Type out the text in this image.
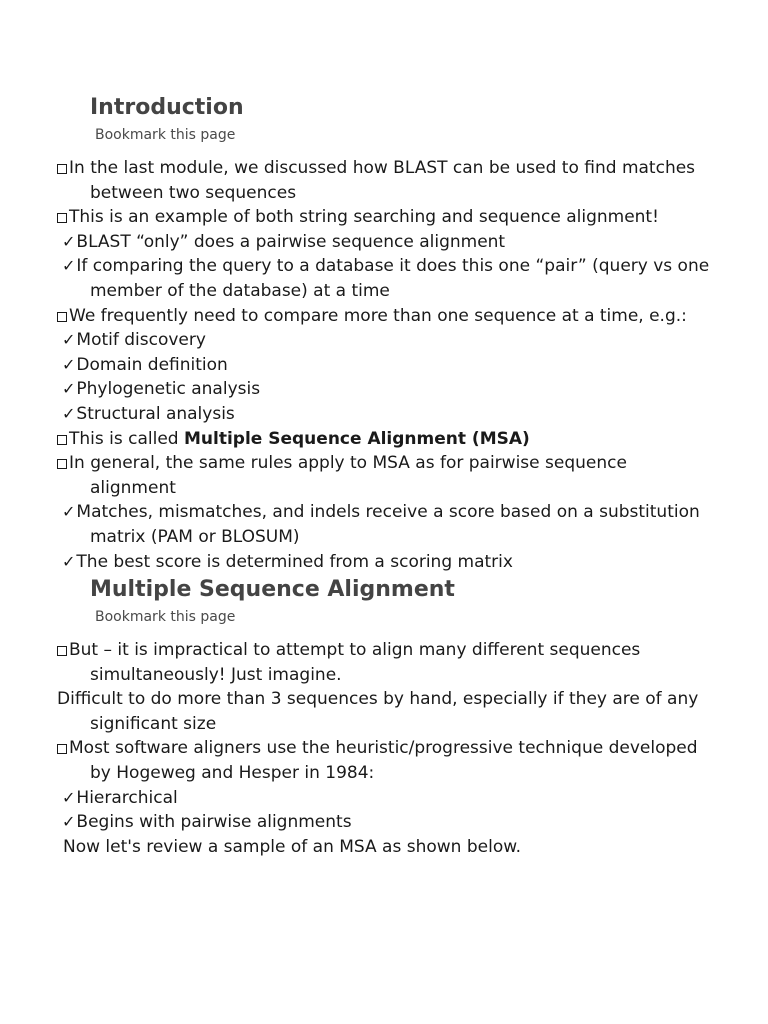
Introduction
Bookmark this page
In the last module, we discussed how BLAST can be used to find matches
between two sequences
This is an example of both string searching and sequence alignment!
✓BLAST “only” does a pairwise sequence alignment
✓If comparing the query to a database it does this one “pair” (query vs one
member of the database) at a time
We frequently need to compare more than one sequence at a time, e.g.:
✓Motif discovery
✓Domain definition
✓Phylogenetic analysis
✓Structural analysis
This is called Multiple Sequence Alignment (MSA)
In general, the same rules apply to MSA as for pairwise sequence
alignment
✓Matches, mismatches, and indels receive a score based on a substitution
matrix (PAM or BLOSUM)
✓The best score is determined from a scoring matrix
Multiple Sequence Alignment
Bookmark this page
But – it is impractical to attempt to align many different sequences
simultaneously! Just imagine.
Difficult to do more than 3 sequences by hand, especially if they are of any
significant size
Most software aligners use the heuristic/progressive technique developed
by Hogeweg and Hesper in 1984:
✓Hierarchical
✓Begins with pairwise alignments
Now let's review a sample of an MSA as shown below.
